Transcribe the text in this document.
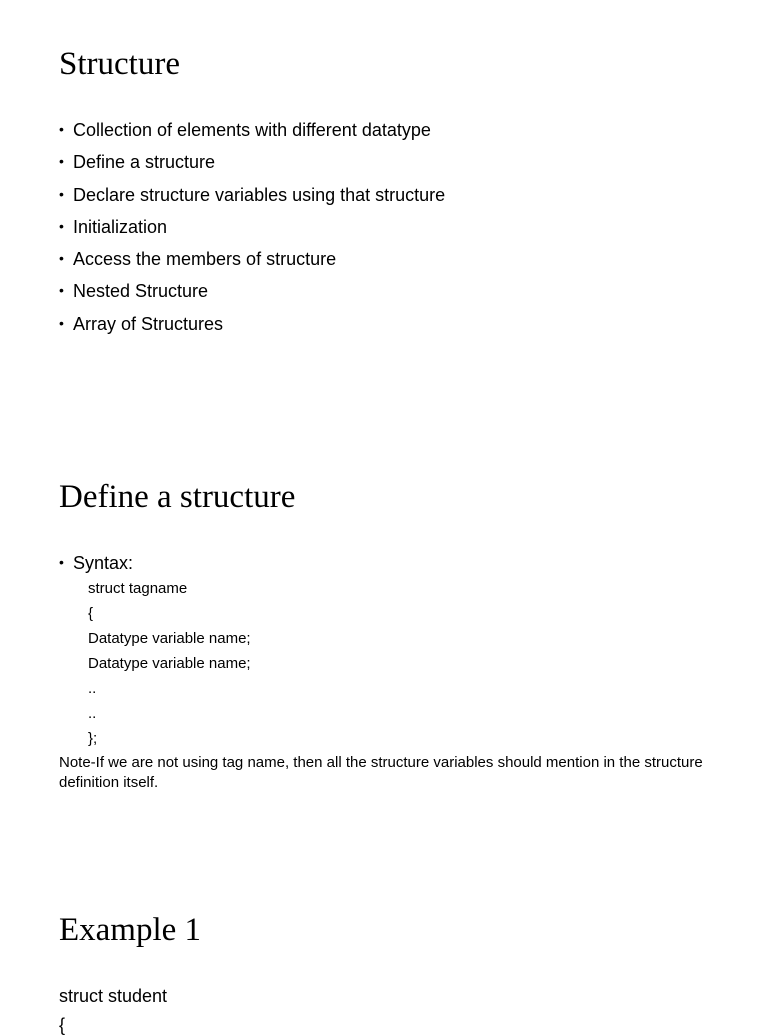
Structure
• Collection of elements with different datatype
• Define a structure
• Declare structure variables using that structure
• Initialization
• Access the members of structure
• Nested Structure
• Array of Structures
Define a structure
• Syntax:
struct tagname
{
Datatype variable name;
Datatype variable name;
..
..
};

Note-If we are not using tag name, then all the structure variables should mention in the structure definition itself.

Example 1

struct student

{
